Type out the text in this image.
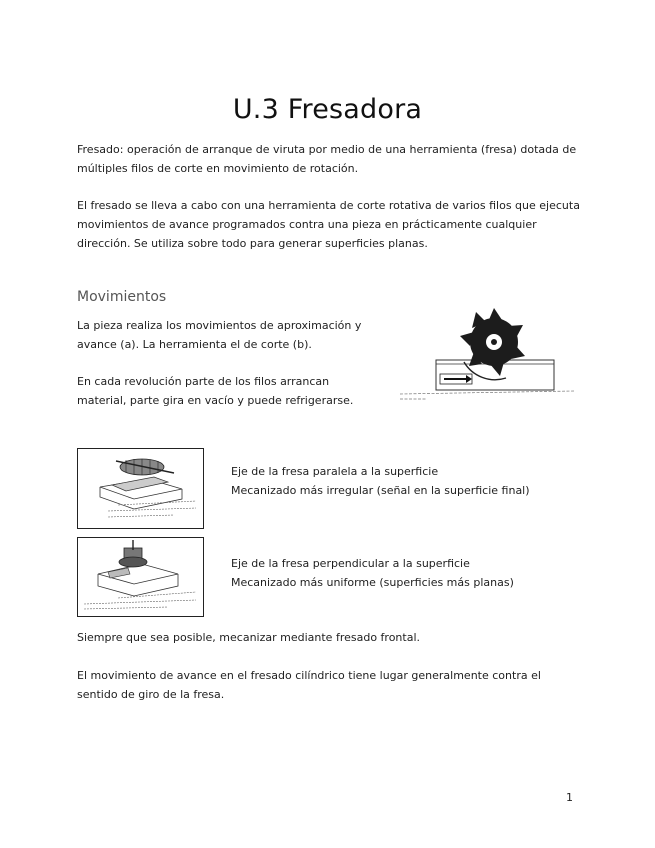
U.3 Fresadora

Fresado: operación de arranque de viruta por medio de una herramienta (fresa) dotada de múltiples filos de corte en movimiento de rotación.

El fresado se lleva a cabo con una herramienta de corte rotativa de varios filos que ejecuta movimientos de avance programados contra una pieza en prácticamente cualquier dirección. Se utiliza sobre todo para generar superficies planas.

Movimientos

La pieza realiza los movimientos de aproximación y avance (a). La herramienta el de corte (b).

En cada revolución parte de los filos arrancan material, parte gira en vacío y puede refrigerarse.

Eje de la fresa paralela a la superficie
Mecanizado más irregular (señal en la superficie final)

Eje de la fresa perpendicular a la superficie
Mecanizado más uniforme (superficies más planas)

Siempre que sea posible, mecanizar mediante fresado frontal.

El movimiento de avance en el fresado cilíndrico tiene lugar generalmente contra el sentido de giro de la fresa.

1
